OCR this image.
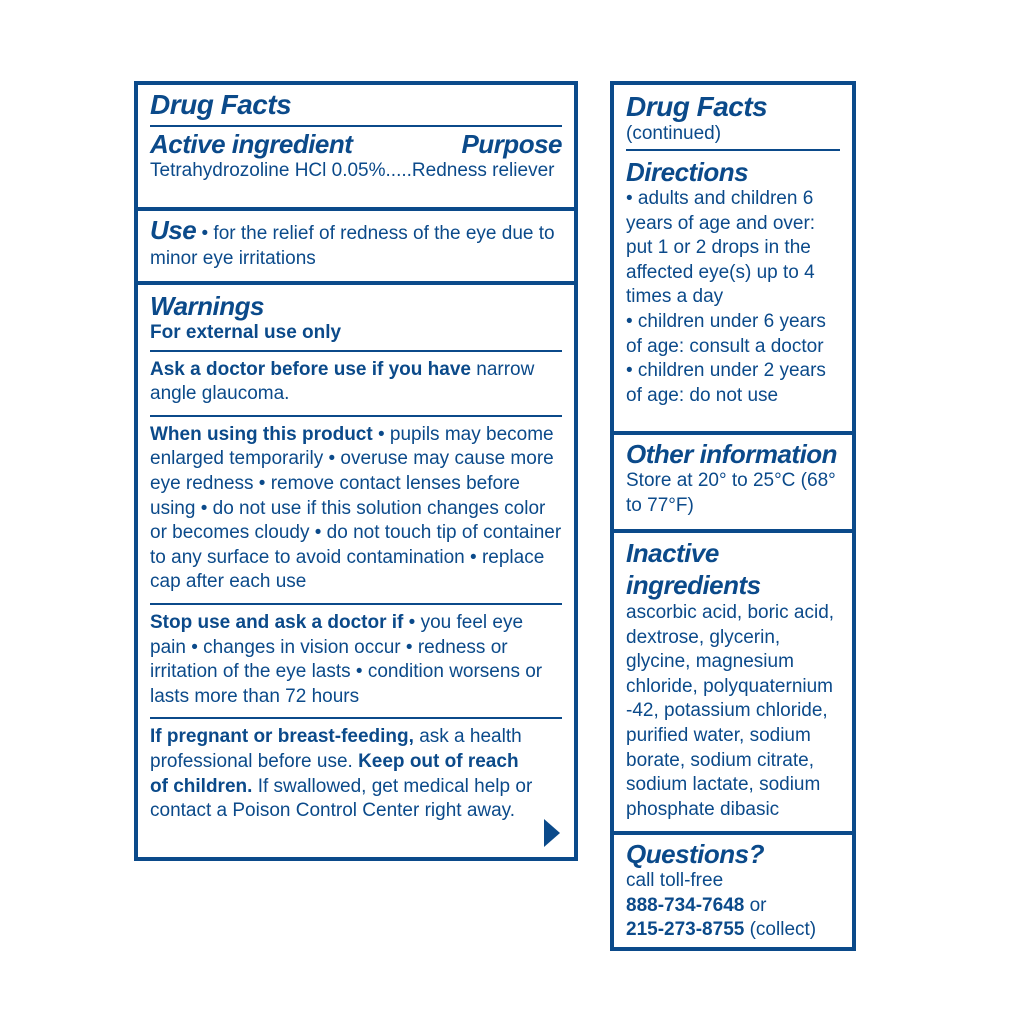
Drug Facts
Active ingredient	Purpose
Tetrahydrozoline HCl 0.05%.....Redness reliever
Use • for the relief of redness of the eye due to minor eye irritations
Warnings
For external use only
Ask a doctor before use if you have narrow angle glaucoma.
When using this product • pupils may become enlarged temporarily • overuse may cause more eye redness • remove contact lenses before using • do not use if this solution changes color or becomes cloudy • do not touch tip of container to any surface to avoid contamination • replace cap after each use
Stop use and ask a doctor if • you feel eye pain • changes in vision occur • redness or irritation of the eye lasts • condition worsens or lasts more than 72 hours
If pregnant or breast-feeding, ask a health professional before use. Keep out of reach of children. If swallowed, get medical help or contact a Poison Control Center right away.
Drug Facts
(continued)
Directions
• adults and children 6 years of age and over: put 1 or 2 drops in the affected eye(s) up to 4 times a day
• children under 6 years of age: consult a doctor
• children under 2 years of age: do not use
Other information
Store at 20° to 25°C (68° to 77°F)
Inactive ingredients
ascorbic acid, boric acid, dextrose, glycerin, glycine, magnesium chloride, polyquaternium -42, potassium chloride, purified water, sodium borate, sodium citrate, sodium lactate, sodium phosphate dibasic
Questions?
call toll-free
888-734-7648 or
215-273-8755 (collect)
